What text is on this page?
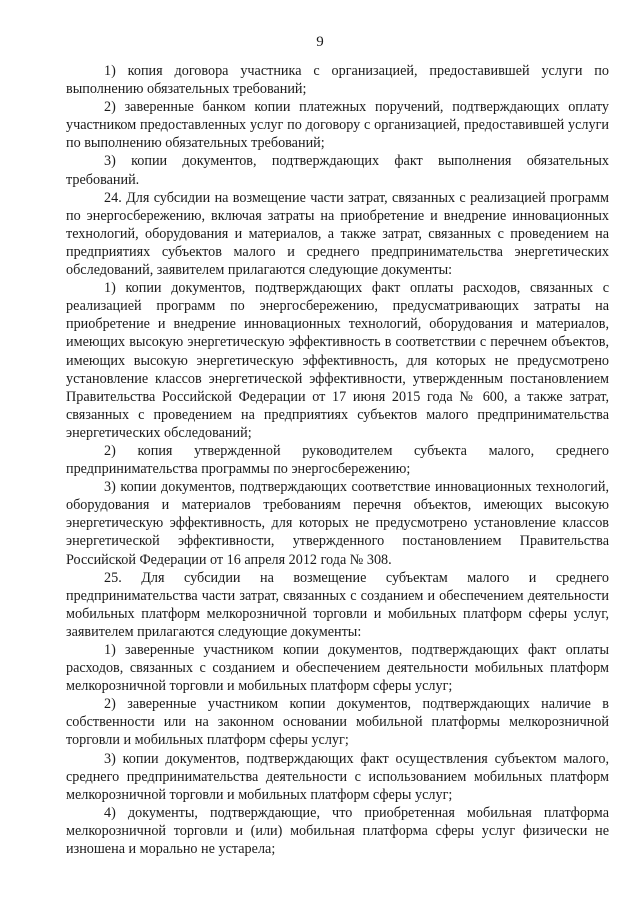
9

1) копия договора участника с организацией, предоставившей услуги по выполнению обязательных требований;

2) заверенные банком копии платежных поручений, подтверждающих оплату участником предоставленных услуг по договору с организацией, предоставившей услуги по выполнению обязательных требований;

3) копии документов, подтверждающих факт выполнения обязательных требований.

24. Для субсидии на возмещение части затрат, связанных с реализацией программ по энергосбережению, включая затраты на приобретение и внедрение инновационных технологий, оборудования и материалов, а также затрат, связанных с проведением на предприятиях субъектов малого и среднего предпринимательства энергетических обследований, заявителем прилагаются следующие документы:

1) копии документов, подтверждающих факт оплаты расходов, связанных с реализацией программ по энергосбережению, предусматривающих затраты на приобретение и внедрение инновационных технологий, оборудования и материалов, имеющих высокую энергетическую эффективность в соответствии с перечнем объектов, имеющих высокую энергетическую эффективность, для которых не предусмотрено установление классов энергетической эффективности, утвержденным постановлением Правительства Российской Федерации от 17 июня 2015 года № 600, а также затрат, связанных с проведением на предприятиях субъектов малого предпринимательства энергетических обследований;

2) копия утвержденной руководителем субъекта малого, среднего предпринимательства программы по энергосбережению;

3) копии документов, подтверждающих соответствие инновационных технологий, оборудования и материалов требованиям перечня объектов, имеющих высокую энергетическую эффективность, для которых не предусмотрено установление классов энергетической эффективности, утвержденного постановлением Правительства Российской Федерации от 16 апреля 2012 года № 308.

25. Для субсидии на возмещение субъектам малого и среднего предпринимательства части затрат, связанных с созданием и обеспечением деятельности мобильных платформ мелкорозничной торговли и мобильных платформ сферы услуг, заявителем прилагаются следующие документы:

1) заверенные участником копии документов, подтверждающих факт оплаты расходов, связанных с созданием и обеспечением деятельности мобильных платформ мелкорозничной торговли и мобильных платформ сферы услуг;

2) заверенные участником копии документов, подтверждающих наличие в собственности или на законном основании мобильной платформы мелкорозничной торговли и мобильных платформ сферы услуг;

3) копии документов, подтверждающих факт осуществления субъектом малого, среднего предпринимательства деятельности с использованием мобильных платформ мелкорозничной торговли и мобильных платформ сферы услуг;

4) документы, подтверждающие, что приобретенная мобильная платформа мелкорозничной торговли и (или) мобильная платформа сферы услуг физически не изношена и морально не устарела;
